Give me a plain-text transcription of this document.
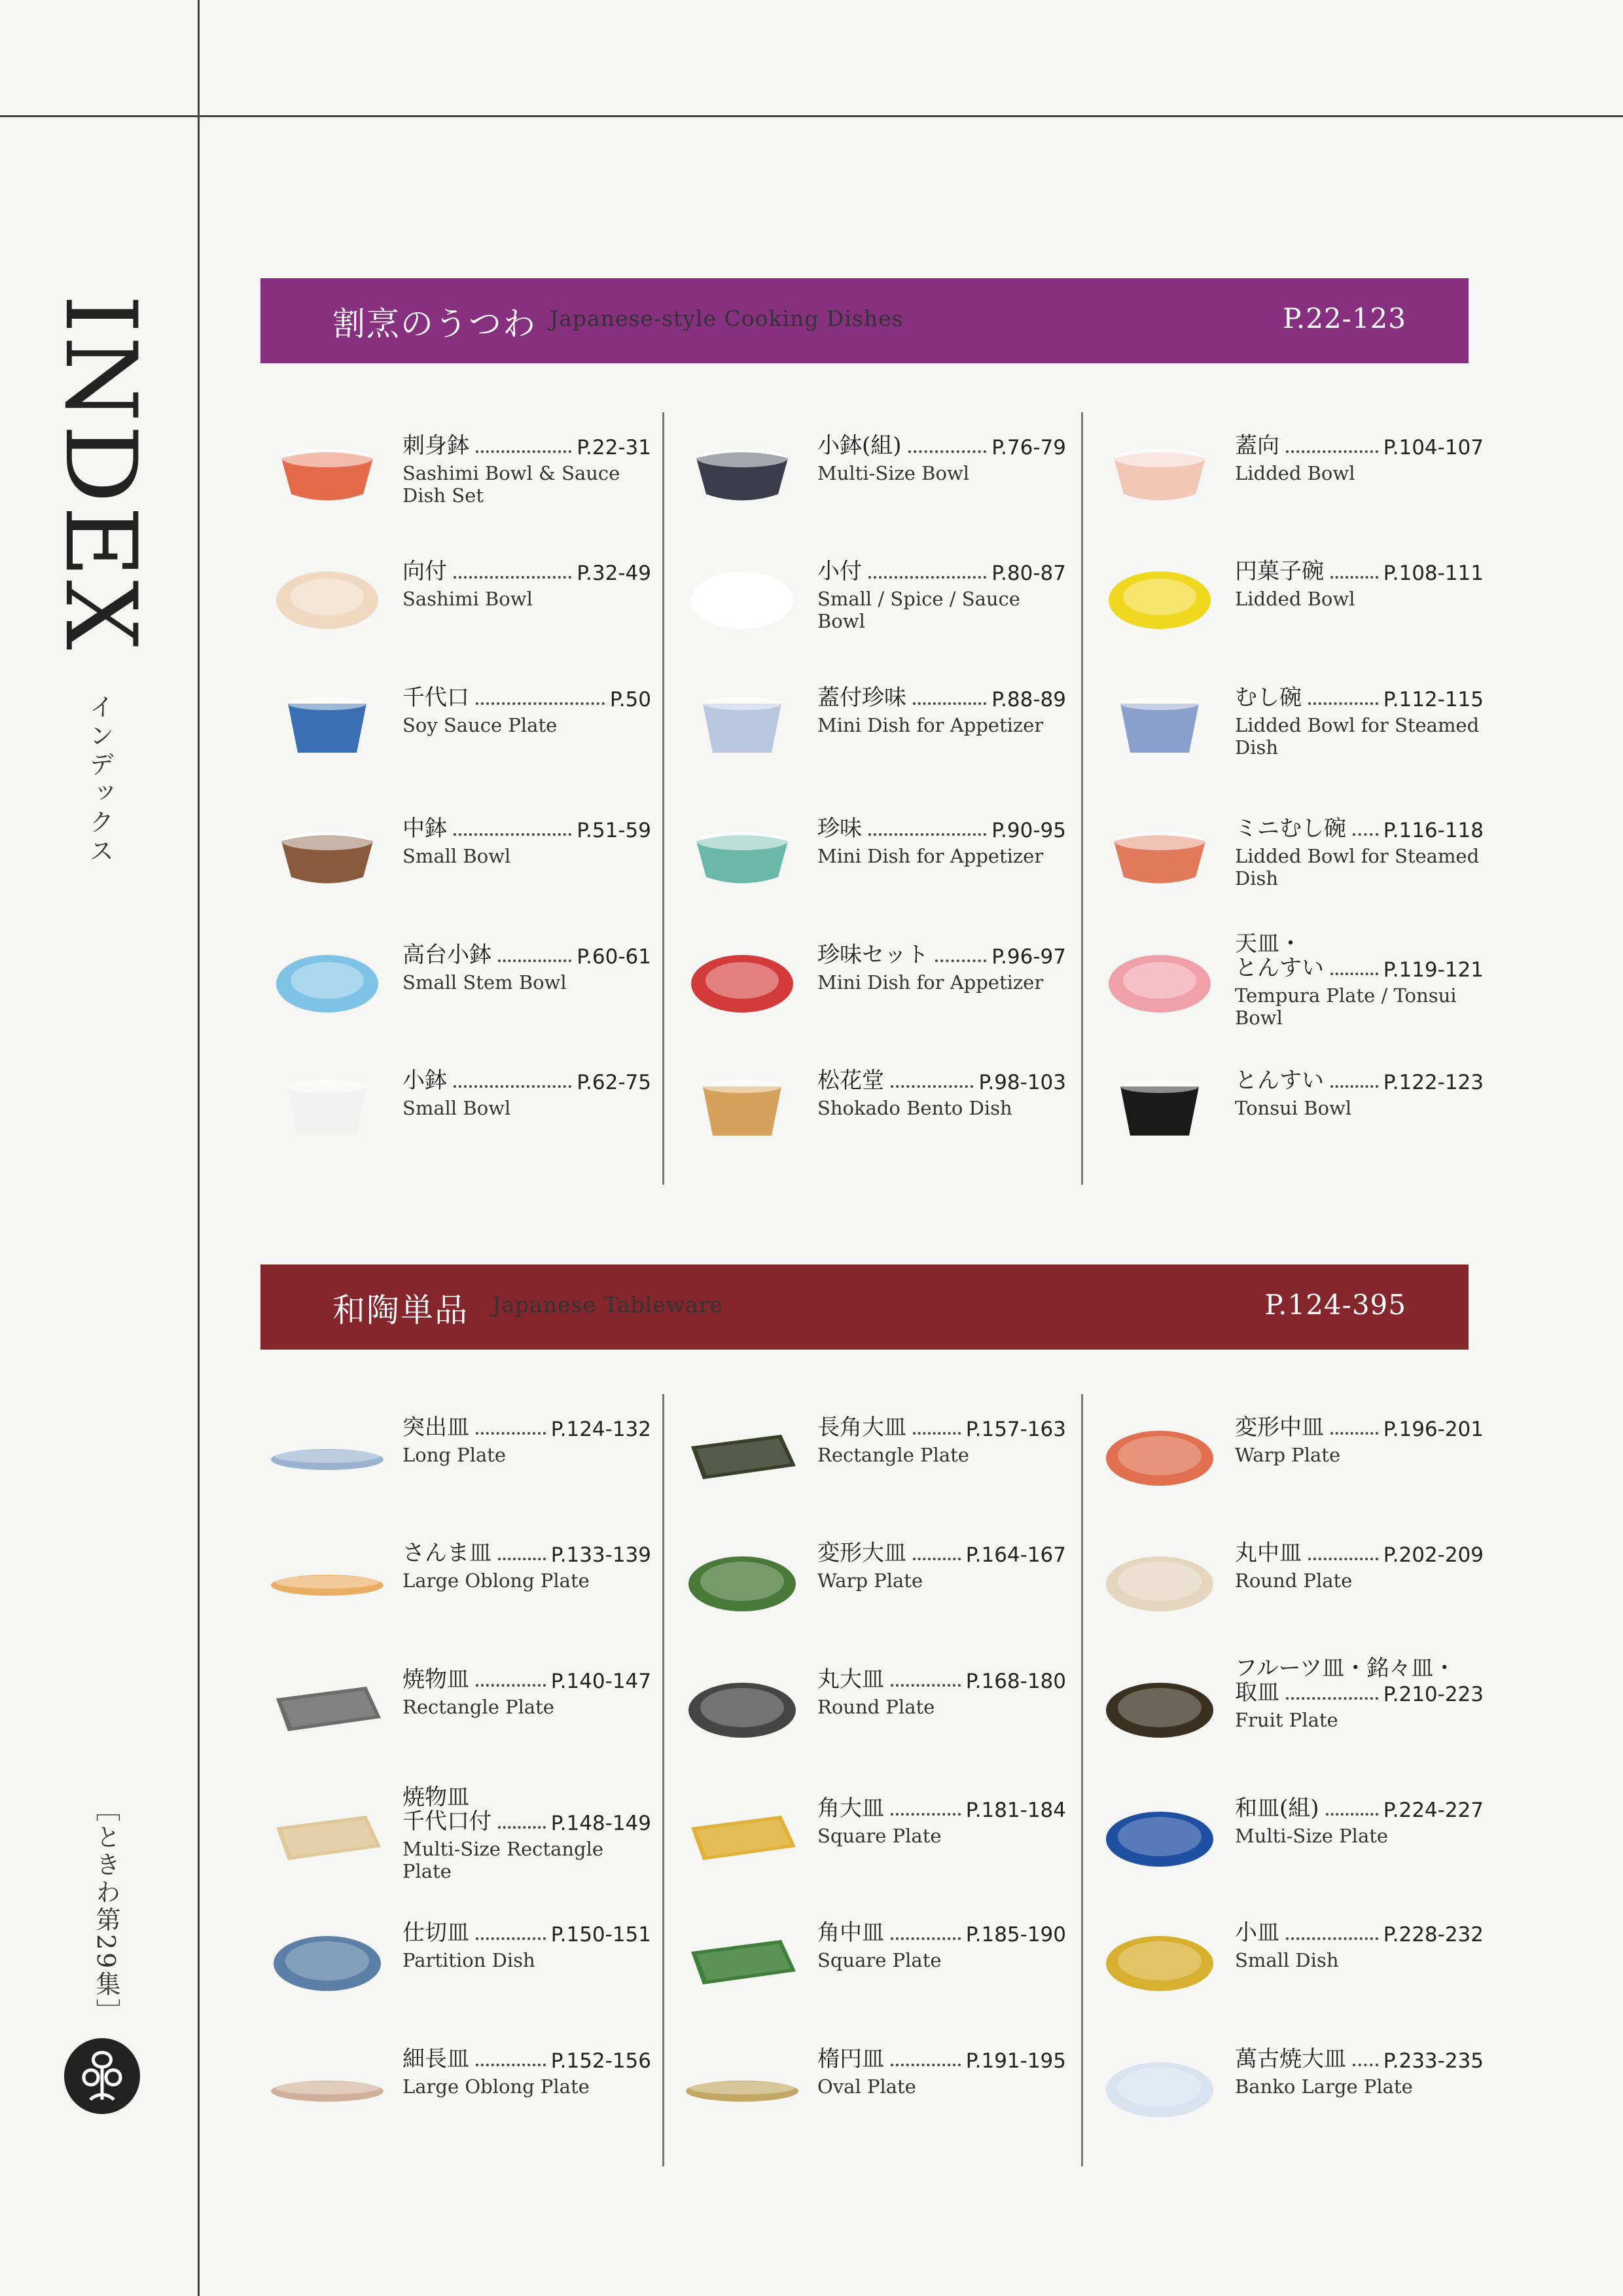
INDEX
インデックス
［ときわ第29集］
割烹のうつわ Japanese-style Cooking Dishes	P.22-123
和陶単品 Japanese Tableware	P.124-395
刺身鉢	P.22-31
Sashimi Bowl & Sauce Dish Set
向付	P.32-49
Sashimi Bowl
千代口	P.50
Soy Sauce Plate
中鉢	P.51-59
Small Bowl
高台小鉢	P.60-61
Small Stem Bowl
小鉢	P.62-75
Small Bowl
小鉢(組)	P.76-79
Multi-Size Bowl
小付	P.80-87
Small / Spice / Sauce Bowl
蓋付珍味	P.88-89
Mini Dish for Appetizer
珍味	P.90-95
Mini Dish for Appetizer
珍味セット	P.96-97
Mini Dish for Appetizer
松花堂	P.98-103
Shokado Bento Dish
蓋向	P.104-107
Lidded Bowl
円菓子碗	P.108-111
Lidded Bowl
むし碗	P.112-115
Lidded Bowl for Steamed Dish
ミニむし碗 P.116-118
Lidded Bowl for Steamed Dish
天皿・
とんすい	P.119-121
Tempura Plate / Tonsui Bowl
とんすい	P.122-123
Tonsui Bowl
突出皿	P.124-132
Long Plate
さんま皿	P.133-139
Large Oblong Plate
焼物皿	P.140-147
Rectangle Plate
焼物皿
千代口付	P.148-149
Multi-Size Rectangle Plate
仕切皿	P.150-151
Partition Dish
細長皿	P.152-156
Large Oblong Plate
長角大皿	P.157-163
Rectangle Plate
変形大皿	P.164-167
Warp Plate
丸大皿	P.168-180
Round Plate
角大皿	P.181-184
Square Plate
角中皿	P.185-190
Square Plate
楕円皿	P.191-195
Oval Plate
変形中皿	P.196-201
Warp Plate
丸中皿	P.202-209
Round Plate
フルーツ皿・銘々皿・
取皿	P.210-223
Fruit Plate
和皿(組)	P.224-227
Multi-Size Plate
小皿	P.228-232
Small Dish
萬古焼大皿 P.233-235
Banko Large Plate
